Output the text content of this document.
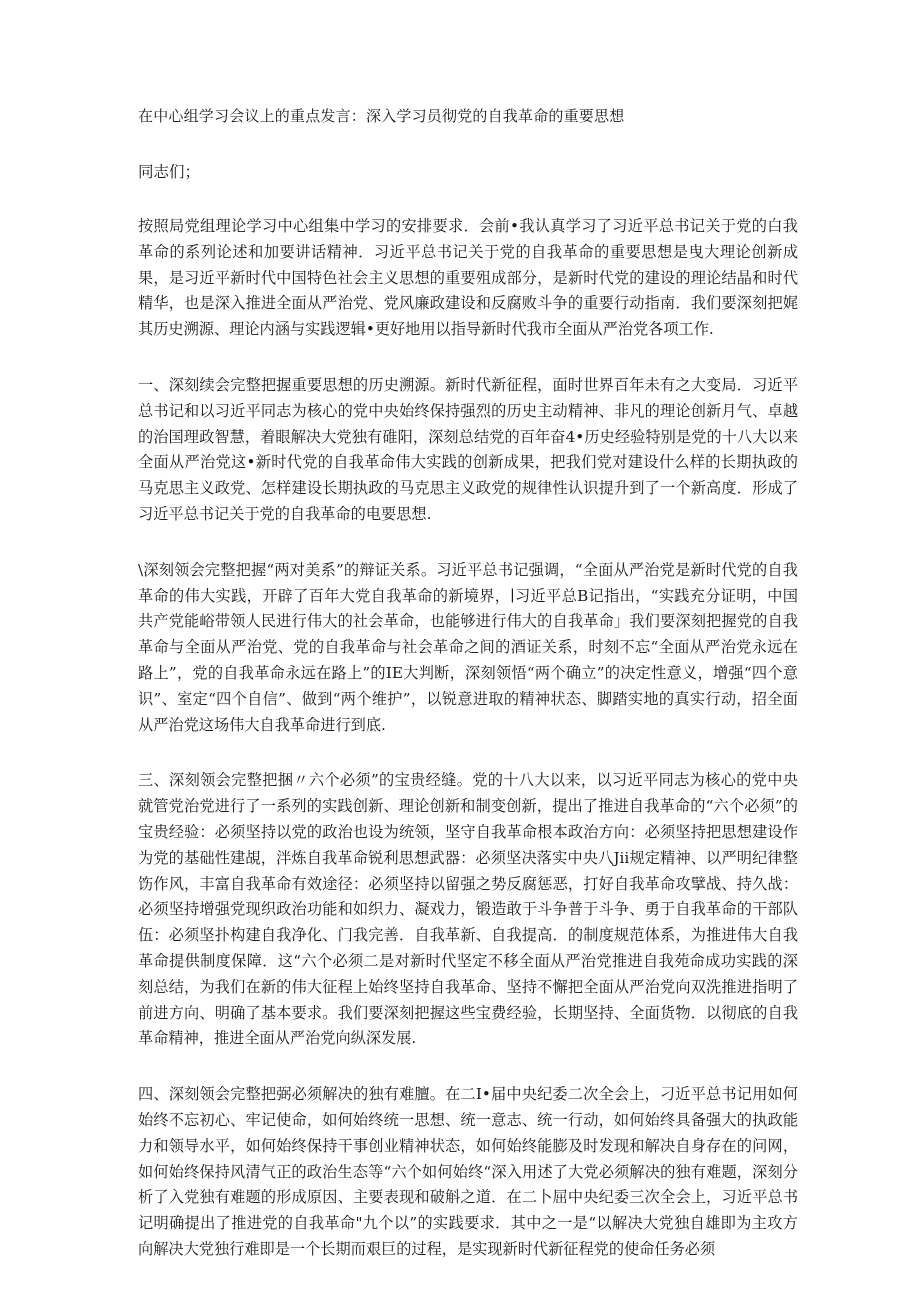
在中心组学习会议上的重点发言：深入学习员彻党的自我革命的重要思想
同志们；
按照局党组理论学习中心组集中学习的安排要求．会前•我认真学习了习近平总书记关于党的白我革命的系列论述和加要讲话精神．习近平总书记关于党的自我革命的重要思想是曳大理论创新成果，是习近平新时代中国特色社会主义思想的重要殂成部分，是新时代党的建设的理论结晶和时代精华，也是深入推进全面从严治党、党风廉政建设和反腐败斗争的重要行动指南．我们要深刻把娓其历史溯源、理论内涵与实践逻辑•更好地用以指导新时代我市全面从严治党各项工作.
一、深刻续会完整把握重要思想的历史溯源。新时代新征程，面时世界百年未有之大变局．习近平总书记和以习近平同志为核心的党中央始终保持强烈的历史主动精神、非凡的理论创新月气、卓越的治国理政智慧，着眼解决大党独有碓阳，深刻总结党的百年奋4•历史经验特别是党的十八大以来全面从严治党这•新时代党的自我革命伟大实践的创新成果，把我们党对建设什么样的长期执政的马克思主义政党、怎样建设长期执政的马克思主义政党的规律性认识提升到了一个新高度．形成了习近平总书记关于党的自我革命的电要思想.
\深刻领会完整把握“两对美系”的辩证关系。习近平总书记强调，“全面从严治党是新时代党的自我革命的伟大实践，开辟了百年大党自我革命的新境界，∣习近平总B记指出，“实践充分证明，中国共产党能峪带领人民进行伟大的社会革命，也能够进行伟大的自我革命」我们要深刻把握党的自我革命与全面从严治党、党的自我革命与社会革命之间的酒证关系，时刻不忘“全面从严治党永远在路上”，党的自我革命永远在路上”的IE大判断，深刻领悟“两个确立”的决定性意义，增强“四个意识”、室定“四个自信”、做到“两个维护”，以锐意进取的精神状态、脚踏实地的真实行动，招全面从严治党这场伟大自我革命进行到底.
三、深刻领会完整把捆〃六个必须”的宝贵经缝。党的十八大以来，以习近平同志为核心的党中央就管党治党进行了一系列的实践创新、理论创新和制变创新，提出了推进自我革命的“六个必须”的宝贵经验：必须坚持以党的政治也设为统领，坚守自我革命根本政治方向：必须坚持把思想建设作为党的基础性建覘，泮炼自我革命锐利思想武器：必须坚决落实中央八Jii规定精神、以严明纪律整饬作风，丰富自我革命有效途径：必须坚持以留强之势反腐惩恶，打好自我革命攻擘战、持久战：必须坚持增强党现织政治功能和如织力、凝戏力，锻造敢于斗争普于斗争、勇于自我革命的干部队伍：必须坚扑构建自我净化、门我完善．自我革新、自我提高．的制度规范体系，为推进伟大自我革命提供制度保障．这“六个必须二是对新时代坚定不移全面从严治党推进自我苑命成功实践的深刻总结，为我们在新的伟大征程上始终坚持自我革命、坚持不懈把全面从严治党向双洗推进指明了前进方向、明确了基本要求。我们要深刻把握这些宝费经验，长期坚持、全面货物．以彻底的自我革命精神，推进全面从严治党向纵深发展.
四、深刻领会完整把弼必须解决的独有难膻。在二I•届中央纪委二次全会上，刁近平总书记用如何始终不忘初心、牢记使命，如何始终统一思想、统一意志、统一行动，如何始终具备强大的执政能力和领导水平，如何始终保持干事创业精神状态，如何始终能膨及时发现和解决自身存在的问网，如何始终保持风清气正的政治生态等“六个如何始终“深入用述了大党必须解决的独有难题，深刻分析了入党独有难题的形成原因、主要表现和破斛之道．在二卜屈中央纪委三次全会上，习近平总书记明确提出了推进党的自我革命"九个以”的实践要求．其中之一是“以解决大党独自雄即为主攻方向解决大党独行难即是一个长期而艰巨的过程，是实现新时代新征程党的使命任务必须
